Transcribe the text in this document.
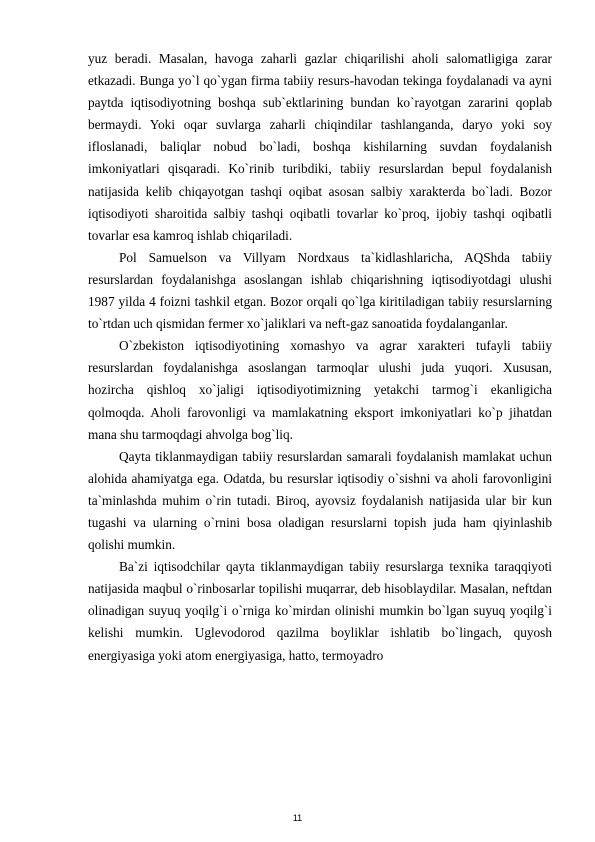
yuz beradi. Masalan, havoga zaharli gazlar chiqarilishi aholi salomatligiga zarar etkazadi. Bunga yo`l qo`ygan firma tabiiy resurs-havodan tekinga foydalanadi va ayni paytda iqtisodiyotning boshqa sub`ektlarining bundan ko`rayotgan zararini qoplab bermaydi. Yoki oqar suvlarga zaharli chiqindilar tashlanganda, daryo yoki soy ifloslanadi, baliqlar nobud bo`ladi, boshqa kishilarning suvdan foydalanish imkoniyatlari qisqaradi. Ko`rinib turibdiki, tabiiy resurslardan bepul foydalanish natijasida kelib chiqayotgan tashqi oqibat asosan salbiy xarakterda bo`ladi. Bozor iqtisodiyoti sharoitida salbiy tashqi oqibatli tovarlar ko`proq, ijobiy tashqi oqibatli tovarlar esa kamroq ishlab chiqariladi.

Pol Samuelson va Villyam Nordxaus ta`kidlashlaricha, AQShda tabiiy resurslardan foydalanishga asoslangan ishlab chiqarishning iqtisodiyotdagi ulushi 1987 yilda 4 foizni tashkil etgan. Bozor orqali qo`lga kiritiladigan tabiiy resurslarning to`rtdan uch qismidan fermer xo`jaliklari va neft-gaz sanoatida foydalanganlar.

O`zbekiston iqtisodiyotining xomashyo va agrar xarakteri tufayli tabiiy resurslardan foydalanishga asoslangan tarmoqlar ulushi juda yuqori. Xususan, hozircha qishloq xo`jaligi iqtisodiyotimizning yetakchi tarmog`i ekanligicha qolmoqda. Aholi farovonligi va mamlakatning eksport imkoniyatlari ko`p jihatdan mana shu tarmoqdagi ahvolga bog`liq.

Qayta tiklanmaydigan tabiiy resurslardan samarali foydalanish mamlakat uchun alohida ahamiyatga ega. Odatda, bu resurslar iqtisodiy o`sishni va aholi farovonligini ta`minlashda muhim o`rin tutadi. Biroq, ayovsiz foydalanish natijasida ular bir kun tugashi va ularning o`rnini bosa oladigan resurslarni topish juda ham qiyinlashib qolishi mumkin.

Ba`zi iqtisodchilar qayta tiklanmaydigan tabiiy resurslarga texnika taraqqiyoti natijasida maqbul o`rinbosarlar topilishi muqarrar, deb hisoblaydilar. Masalan, neftdan olinadigan suyuq yoqilg`i o`rniga ko`mirdan olinishi mumkin bo`lgan suyuq yoqilg`i kelishi mumkin. Uglevodorod qazilma boyliklar ishlatib bo`lingach, quyosh energiyasiga yoki atom energiyasiga, hatto, termoyadro

11
